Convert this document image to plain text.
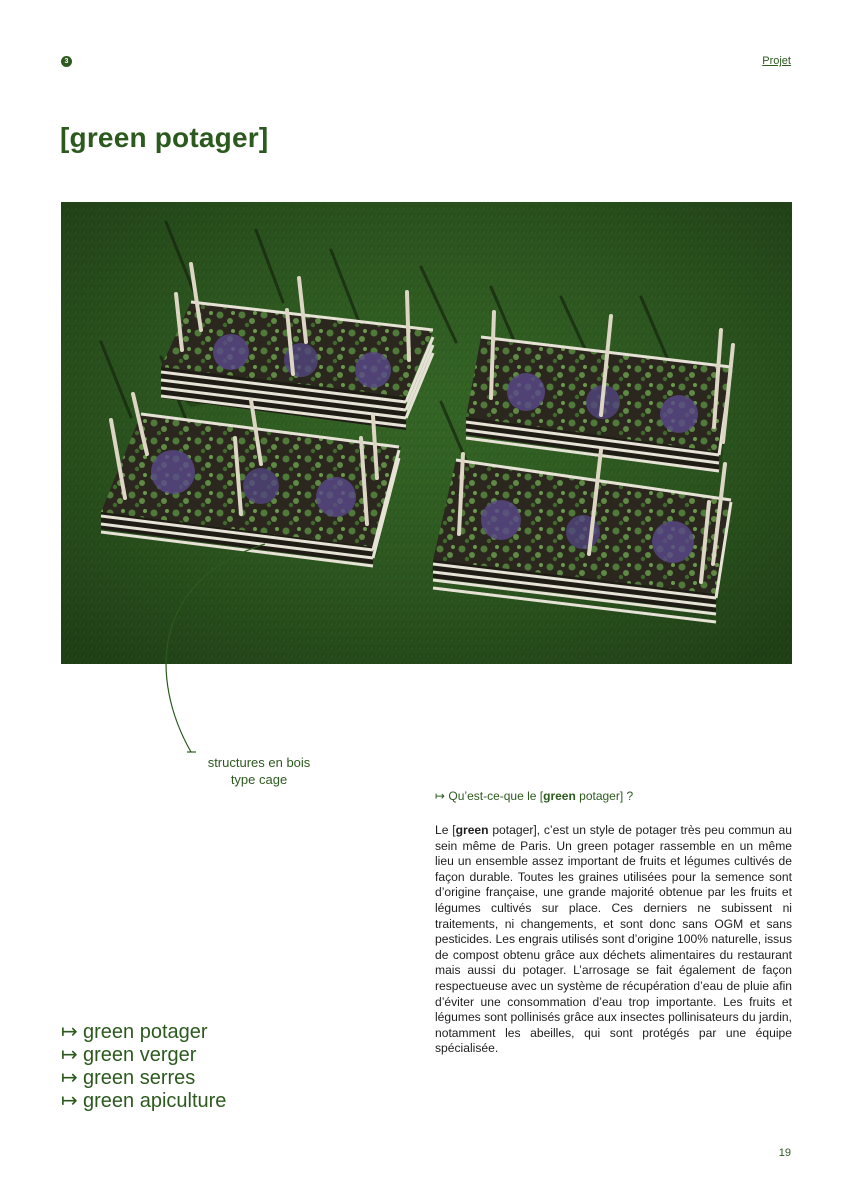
3	Projet
[green potager]
structures en bois
type cage
↦ green potager
↦ green verger
↦ green serres
↦ green apiculture
↦ Qu’est-ce-que le [green potager] ?

Le [green potager], c’est un style de potager très peu commun au sein même de Paris. Un green potager rassemble en un même lieu un ensemble assez important de fruits et légumes cultivés de façon durable. Toutes les graines utilisées pour la semence sont d’origine française, une grande majorité obtenue par les fruits et légumes cultivés sur place. Ces derniers ne subissent ni traitements, ni changements, et sont donc sans OGM et sans pesticides. Les engrais utilisés sont d’origine 100% naturelle, issus de compost obtenu grâce aux déchets alimentaires du restaurant mais aussi du potager. L’arrosage se fait également de façon respectueuse avec un système de récupération d’eau de pluie afin d’éviter une consommation d’eau trop importante. Les fruits et légumes sont pollinisés grâce aux insectes pollinisateurs du jardin, notamment les abeilles, qui sont protégés par une équipe spécialisée.

19
